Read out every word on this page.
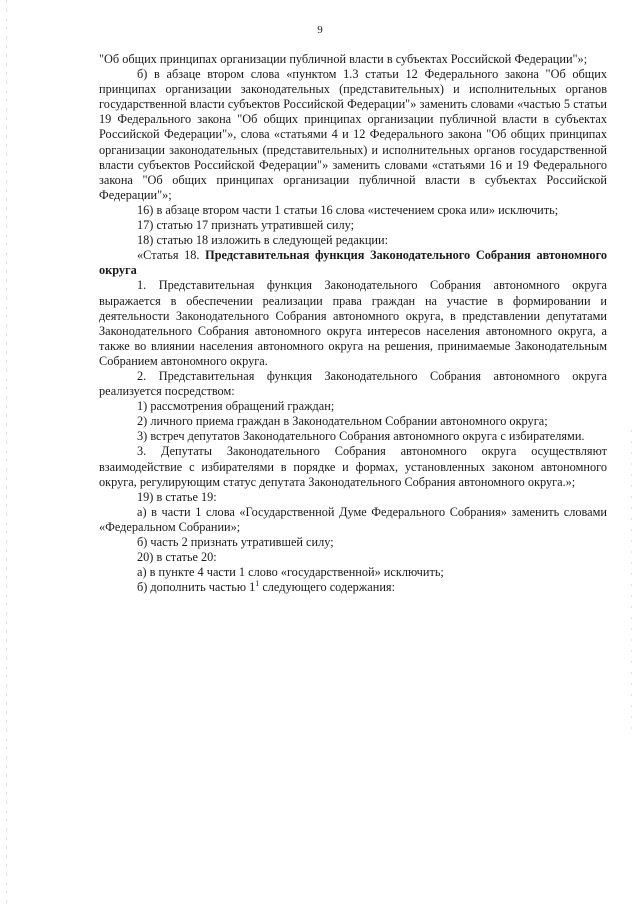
9

"Об общих принципах организации публичной власти в субъектах Российской Федерации"»;

б) в абзаце втором слова «пунктом 1.3 статьи 12 Федерального закона "Об общих принципах организации законодательных (представительных) и исполнительных органов государственной власти субъектов Российской Федерации"» заменить словами «частью 5 статьи 19 Федерального закона "Об общих принципах организации публичной власти в субъектах Российской Федерации"», слова «статьями 4 и 12 Федерального закона "Об общих принципах организации законодательных (представительных) и исполнительных органов государственной власти субъектов Российской Федерации"» заменить словами «статьями 16 и 19 Федерального закона "Об общих принципах организации публичной власти в субъектах Российской Федерации"»;

16) в абзаце втором части 1 статьи 16 слова «истечением срока или» исключить;

17) статью 17 признать утратившей силу;

18) статью 18 изложить в следующей редакции:

«Статья 18. Представительная функция Законодательного Собрания автономного округа

1. Представительная функция Законодательного Собрания автономного округа выражается в обеспечении реализации права граждан на участие в формировании и деятельности Законодательного Собрания автономного округа, в представлении депутатами Законодательного Собрания автономного округа интересов населения автономного округа, а также во влиянии населения автономного округа на решения, принимаемые Законодательным Собранием автономного округа.

2. Представительная функция Законодательного Собрания автономного округа реализуется посредством:

1) рассмотрения обращений граждан;

2) личного приема граждан в Законодательном Собрании автономного округа;

3) встреч депутатов Законодательного Собрания автономного округа с избирателями.

3. Депутаты Законодательного Собрания автономного округа осуществляют взаимодействие с избирателями в порядке и формах, установленных законом автономного округа, регулирующим статус депутата Законодательного Собрания автономного округа.»;

19) в статье 19:

а) в части 1 слова «Государственной Думе Федерального Собрания» заменить словами «Федеральном Собрании»;

б) часть 2 признать утратившей силу;

20) в статье 20:

а) в пункте 4 части 1 слово «государственной» исключить;

б) дополнить частью $1^1$ следующего содержания:
